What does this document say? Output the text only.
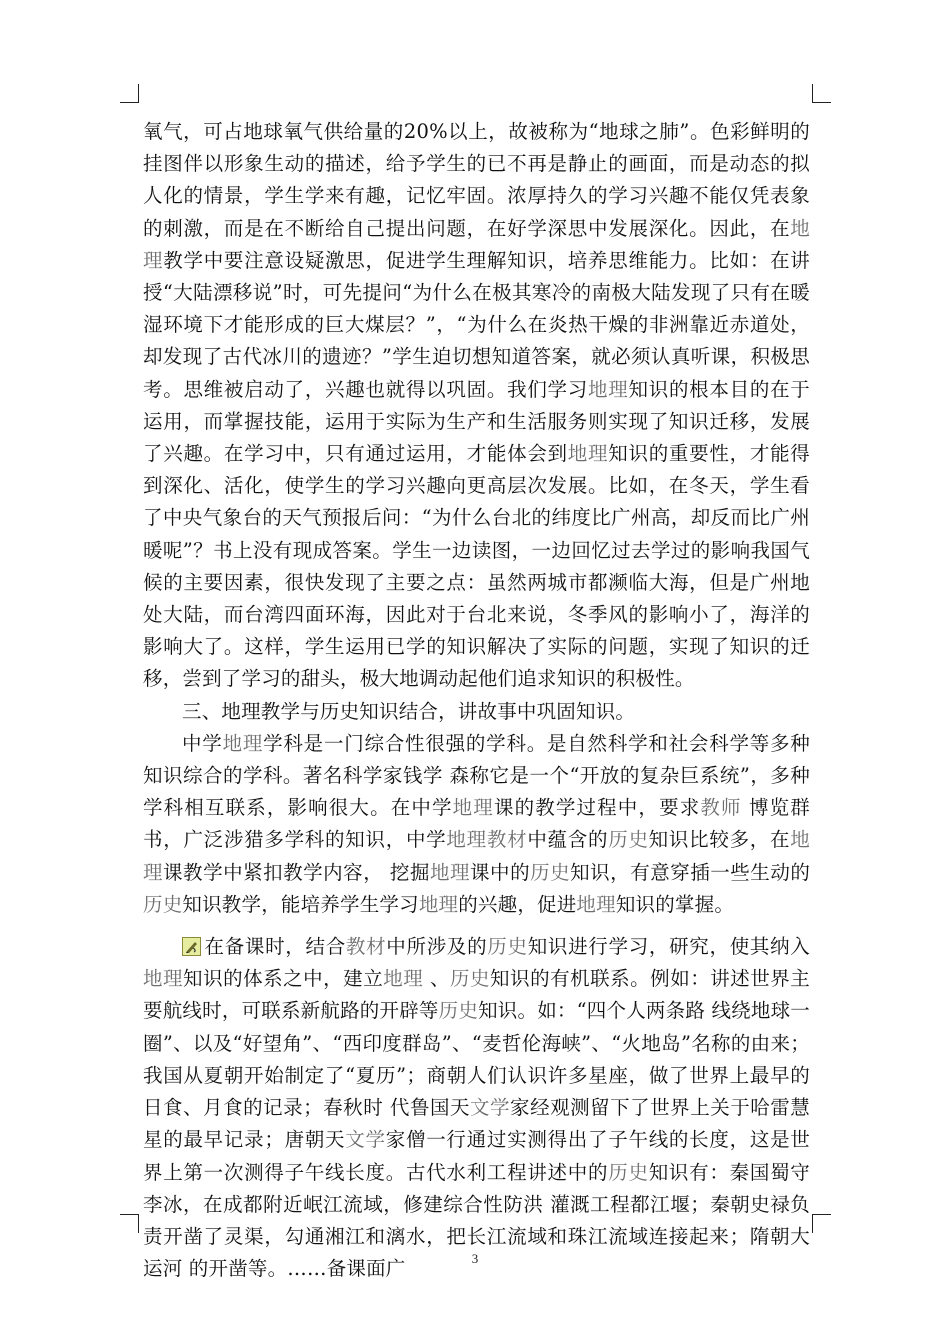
氧气，可占地球氧气供给量的20%以上，故被称为“地球之肺”。色彩鲜明的挂图伴以形象生动的描述，给予学生的已不再是静止的画面，而是动态的拟人化的情景，学生学来有趣，记忆牢固。浓厚持久的学习兴趣不能仅凭表象的刺激，而是在不断给自己提出问题，在好学深思中发展深化。因此，在地理教学中要注意设疑激思，促进学生理解知识，培养思维能力。比如：在讲授“大陆漂移说”时，可先提问“为什么在极其寒冷的南极大陆发现了只有在暖湿环境下才能形成的巨大煤层？”，“为什么在炎热干燥的非洲靠近赤道处，却发现了古代冰川的遗迹？”学生迫切想知道答案，就必须认真听课，积极思考。思维被启动了，兴趣也就得以巩固。我们学习地理知识的根本目的在于运用，而掌握技能，运用于实际为生产和生活服务则实现了知识迁移，发展了兴趣。在学习中，只有通过运用，才能体会到地理知识的重要性，才能得到深化、活化，使学生的学习兴趣向更高层次发展。比如，在冬天，学生看了中央气象台的天气预报后问：“为什么台北的纬度比广州高，却反而比广州暖呢”？书上没有现成答案。学生一边读图，一边回忆过去学过的影响我国气候的主要因素，很快发现了主要之点：虽然两城市都濒临大海，但是广州地处大陆，而台湾四面环海，因此对于台北来说，冬季风的影响小了，海洋的影响大了。这样，学生运用已学的知识解决了实际的问题，实现了知识的迁移，尝到了学习的甜头，极大地调动起他们追求知识的积极性。

三、地理教学与历史知识结合，讲故事中巩固知识。

中学地理学科是一门综合性很强的学科。是自然科学和社会科学等多种知识综合的学科。著名科学家钱学 森称它是一个“开放的复杂巨系统”，多种学科相互联系，影响很大。在中学地理课的教学过程中，要求教师 博览群书，广泛涉猎多学科的知识，中学地理教材中蕴含的历史知识比较多，在地理课教学中紧扣教学内容， 挖掘地理课中的历史知识，有意穿插一些生动的历史知识教学，能培养学生学习地理的兴趣，促进地理知识的掌握。

在备课时，结合教材中所涉及的历史知识进行学习，研究，使其纳入地理知识的体系之中，建立地理 、历史知识的有机联系。例如：讲述世界主要航线时，可联系新航路的开辟等历史知识。如：“四个人两条路 线绕地球一圈”、以及“好望角”、“西印度群岛”、“麦哲伦海峡”、“火地岛”名称的由来；我国从夏朝开始制定了“夏历”；商朝人们认识许多星座，做了世界上最早的日食、月食的记录；春秋时 代鲁国天文学家经观测留下了世界上关于哈雷慧星的最早记录；唐朝天文学家僧一行通过实测得出了子午线的长度，这是世界上第一次测得子午线长度。古代水利工程讲述中的历史知识有：秦国蜀守李冰，在成都附近岷江流域，修建综合性防洪 灌溉工程都江堰；秦朝史禄负责开凿了灵渠，勾通湘江和漓水，把长江流域和珠江流域连接起来；隋朝大运河 的开凿等。……备课面广	3
